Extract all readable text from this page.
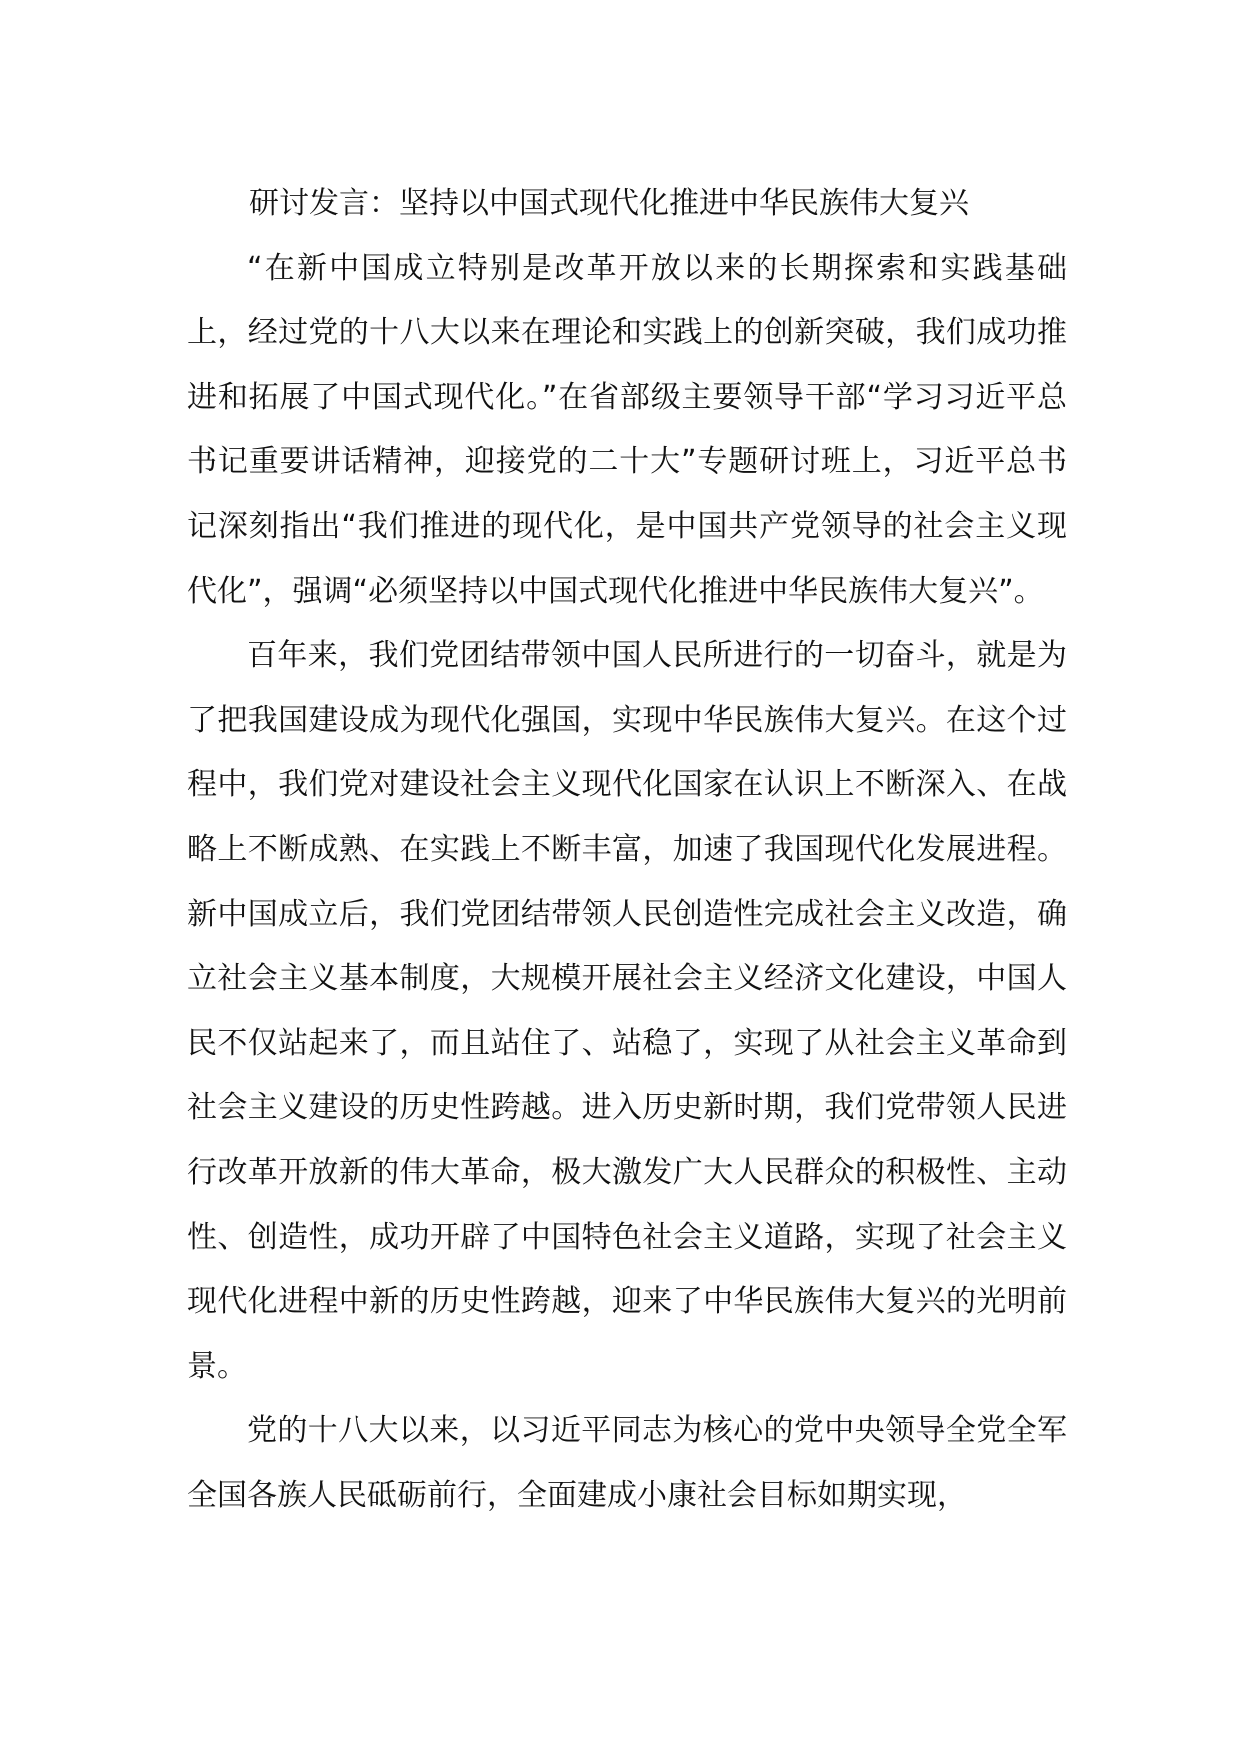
研讨发言：坚持以中国式现代化推进中华民族伟大复兴

“在新中国成立特别是改革开放以来的长期探索和实践基础上，经过党的十八大以来在理论和实践上的创新突破，我们成功推进和拓展了中国式现代化。”在省部级主要领导干部“学习习近平总书记重要讲话精神，迎接党的二十大”专题研讨班上，习近平总书记深刻指出“我们推进的现代化，是中国共产党领导的社会主义现代化”，强调“必须坚持以中国式现代化推进中华民族伟大复兴”。

百年来，我们党团结带领中国人民所进行的一切奋斗，就是为了把我国建设成为现代化强国，实现中华民族伟大复兴。在这个过程中，我们党对建设社会主义现代化国家在认识上不断深入、在战略上不断成熟、在实践上不断丰富，加速了我国现代化发展进程。新中国成立后，我们党团结带领人民创造性完成社会主义改造，确立社会主义基本制度，大规模开展社会主义经济文化建设，中国人民不仅站起来了，而且站住了、站稳了，实现了从社会主义革命到社会主义建设的历史性跨越。进入历史新时期，我们党带领人民进行改革开放新的伟大革命，极大激发广大人民群众的积极性、主动性、创造性，成功开辟了中国特色社会主义道路，实现了社会主义现代化进程中新的历史性跨越，迎来了中华民族伟大复兴的光明前景。

党的十八大以来，以习近平同志为核心的党中央领导全党全军全国各族人民砥砺前行，全面建成小康社会目标如期实现，
